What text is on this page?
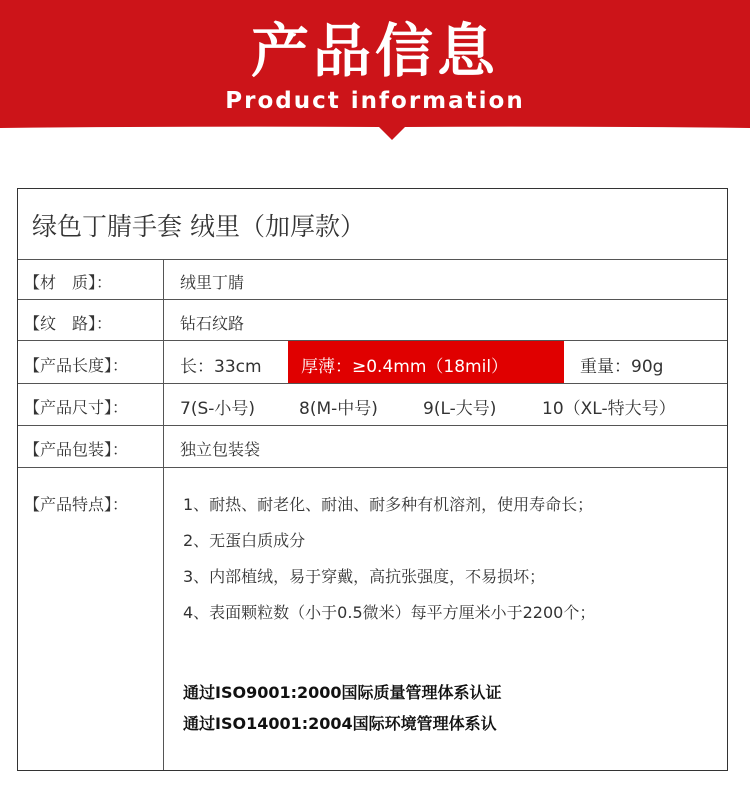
产品信息
Product information
绿色丁腈手套 绒里（加厚款）
【材　质】：	绒里丁腈
【纹　路】：	钻石纹路
【产品长度】：	长：33cm 厚薄：≥0.4mm（18mil）	重量：90g
【产品尺寸】：	7(S-小号)	8(M-中号)	9(L-大号)	10（XL-特大号）
【产品包装】：	独立包装袋
【产品特点】：	1、耐热、耐老化、耐油、耐多种有机溶剂，使用寿命长；
2、无蛋白质成分
3、内部植绒，易于穿戴，高抗张强度，不易损坏；
4、表面颗粒数（小于0.5微米）每平方厘米小于2200个；
通过ISO9001:2000国际质量管理体系认证
通过ISO14001:2004国际环境管理体系认
